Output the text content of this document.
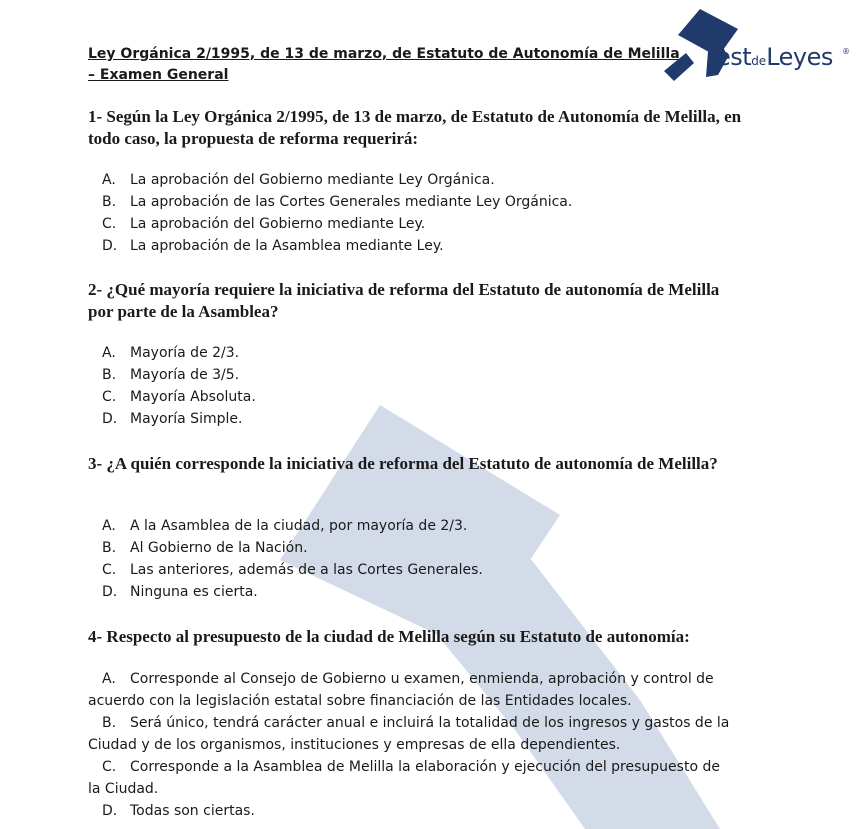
estdeLeyes ®
Ley Orgánica 2/1995, de 13 de marzo, de Estatuto de Autonomía de Melilla – Examen General
1- Según la Ley Orgánica 2/1995, de 13 de marzo, de Estatuto de Autonomía de Melilla, en todo caso, la propuesta de reforma requerirá:
A. La aprobación del Gobierno mediante Ley Orgánica.
B. La aprobación de las Cortes Generales mediante Ley Orgánica.
C. La aprobación del Gobierno mediante Ley.
D. La aprobación de la Asamblea mediante Ley.
2- ¿Qué mayoría requiere la iniciativa de reforma del Estatuto de autonomía de Melilla por parte de la Asamblea?
A. Mayoría de 2/3.
B. Mayoría de 3/5.
C. Mayoría Absoluta.
D. Mayoría Simple.
3- ¿A quién corresponde la iniciativa de reforma del Estatuto de autonomía de Melilla?
A. A la Asamblea de la ciudad, por mayoría de 2/3.
B. Al Gobierno de la Nación.
C. Las anteriores, además de a las Cortes Generales.
D. Ninguna es cierta.
4- Respecto al presupuesto de la ciudad de Melilla según su Estatuto de autonomía:
A. Corresponde al Consejo de Gobierno u examen, enmienda, aprobación y control de acuerdo con la legislación estatal sobre financiación de las Entidades locales.
B. Será único, tendrá carácter anual e incluirá la totalidad de los ingresos y gastos de la Ciudad y de los organismos, instituciones y empresas de ella dependientes.
C. Corresponde a la Asamblea de Melilla la elaboración y ejecución del presupuesto de la Ciudad.
D. Todas son ciertas.
